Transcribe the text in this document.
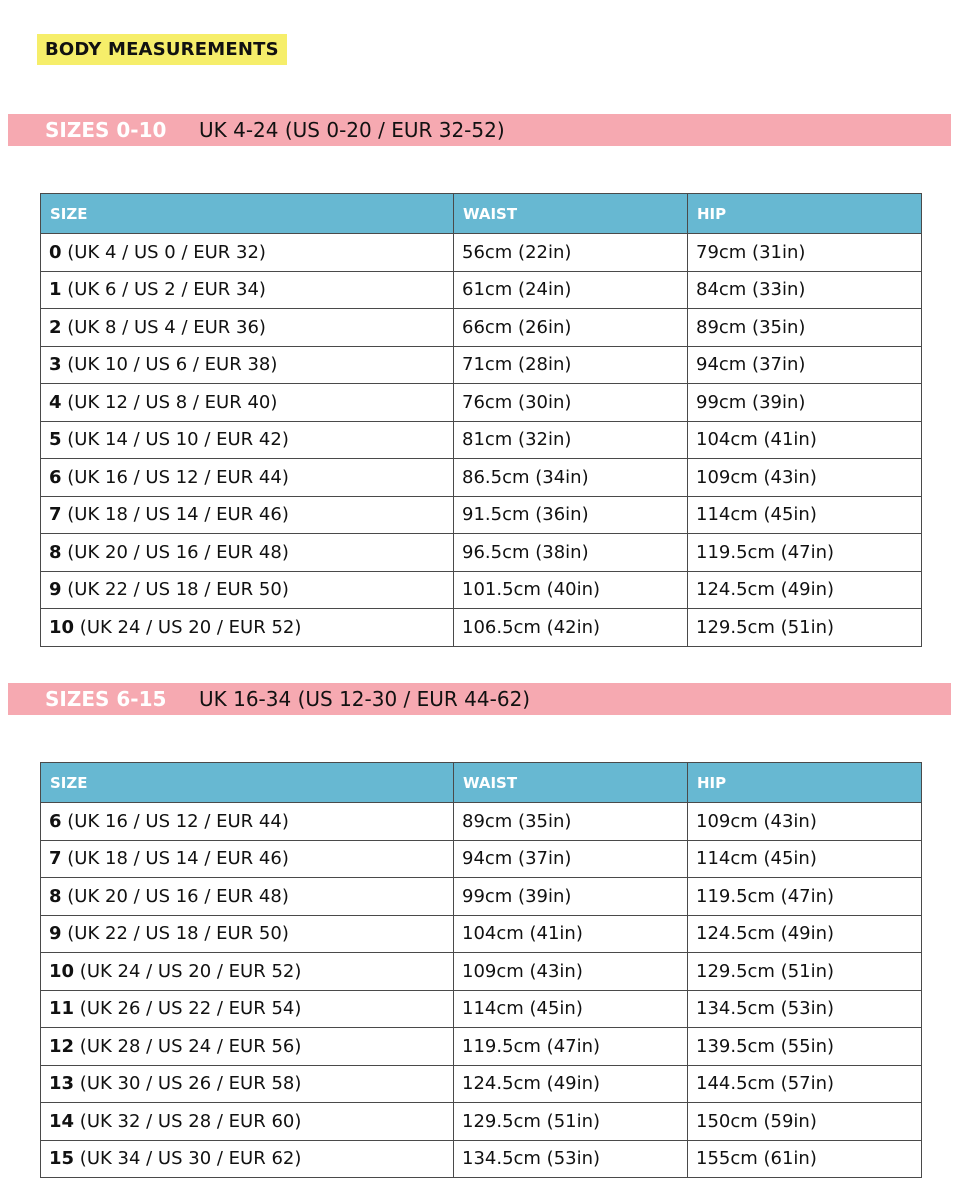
BODY MEASUREMENTS
SIZES 0-10	UK 4-24 (US 0-20 / EUR 32-52)
SIZE	WAIST	HIP
0 (UK 4 / US 0 / EUR 32)	56cm (22in)	79cm (31in)
1 (UK 6 / US 2 / EUR 34)	61cm (24in)	84cm (33in)
2 (UK 8 / US 4 / EUR 36)	66cm (26in)	89cm (35in)
3 (UK 10 / US 6 / EUR 38)	71cm (28in)	94cm (37in)
4 (UK 12 / US 8 / EUR 40)	76cm (30in)	99cm (39in)
5 (UK 14 / US 10 / EUR 42)	81cm (32in)	104cm (41in)
6 (UK 16 / US 12 / EUR 44)	86.5cm (34in)	109cm (43in)
7 (UK 18 / US 14 / EUR 46)	91.5cm (36in)	114cm (45in)
8 (UK 20 / US 16 / EUR 48)	96.5cm (38in)	119.5cm (47in)
9 (UK 22 / US 18 / EUR 50)	101.5cm (40in)	124.5cm (49in)
10 (UK 24 / US 20 / EUR 52)	106.5cm (42in)	129.5cm (51in)
SIZES 6-15	UK 16-34 (US 12-30 / EUR 44-62)
SIZE	WAIST	HIP
6 (UK 16 / US 12 / EUR 44)	89cm (35in)	109cm (43in)
7 (UK 18 / US 14 / EUR 46)	94cm (37in)	114cm (45in)
8 (UK 20 / US 16 / EUR 48)	99cm (39in)	119.5cm (47in)
9 (UK 22 / US 18 / EUR 50)	104cm (41in)	124.5cm (49in)
10 (UK 24 / US 20 / EUR 52)	109cm (43in)	129.5cm (51in)
11 (UK 26 / US 22 / EUR 54)	114cm (45in)	134.5cm (53in)
12 (UK 28 / US 24 / EUR 56)	119.5cm (47in)	139.5cm (55in)
13 (UK 30 / US 26 / EUR 58)	124.5cm (49in)	144.5cm (57in)
14 (UK 32 / US 28 / EUR 60)	129.5cm (51in)	150cm (59in)
15 (UK 34 / US 30 / EUR 62)	134.5cm (53in)	155cm (61in)
